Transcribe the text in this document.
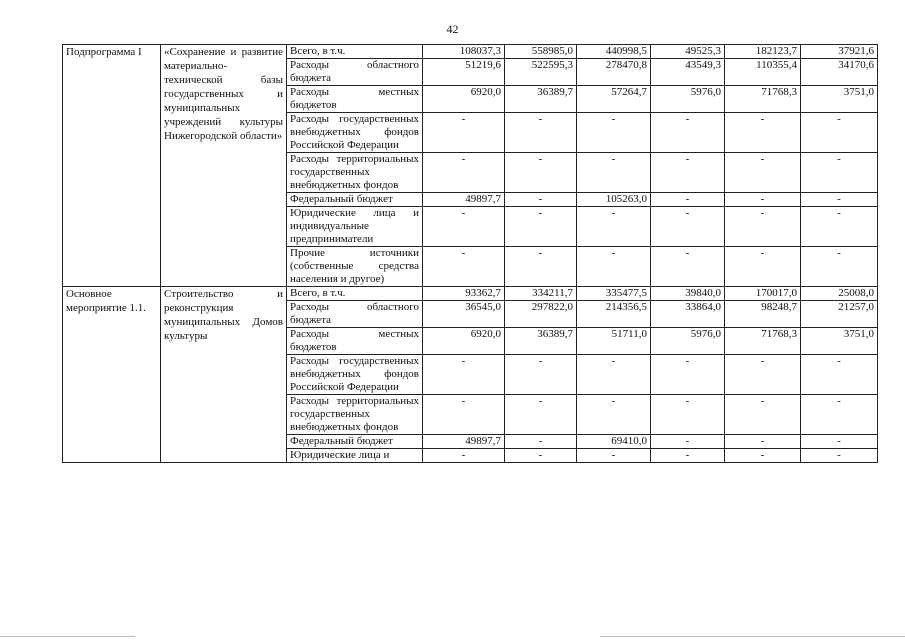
42
Подпрограмма I	«Сохранение и развитие материально-технической базы государственных и муниципальных учреждений культуры Нижегородской области»	Всего, в т.ч.	108037,3	558985,0	440998,5	49525,3	182123,7	37921,6
		Расходы областного бюджета	51219,6	522595,3	278470,8	43549,3	110355,4	34170,6
		Расходы местных бюджетов	6920,0	36389,7	57264,7	5976,0	71768,3	3751,0
		Расходы государственных внебюджетных фондов Российской Федерации	-	-	-	-	-	-
		Расходы территориальных государственных внебюджетных фондов	-	-	-	-	-	-
		Федеральный бюджет	49897,7	-	105263,0	-	-	-
		Юридические лица и индивидуальные предприниматели	-	-	-	-	-	-
		Прочие источники (собственные средства населения и другое)	-	-	-	-	-	-
Основное мероприятие 1.1.	Строительство и реконструкция муниципальных Домов культуры	Всего, в т.ч.	93362,7	334211,7	335477,5	39840,0	170017,0	25008,0
		Расходы областного бюджета	36545,0	297822,0	214356,5	33864,0	98248,7	21257,0
		Расходы местных бюджетов	6920,0	36389,7	51711,0	5976,0	71768,3	3751,0
		Расходы государственных внебюджетных фондов Российской Федерации	-	-	-	-	-	-
		Расходы территориальных государственных внебюджетных фондов	-	-	-	-	-	-
		Федеральный бюджет	49897,7	-	69410,0	-	-	-
		Юридические лица и	-	-	-	-	-	-
